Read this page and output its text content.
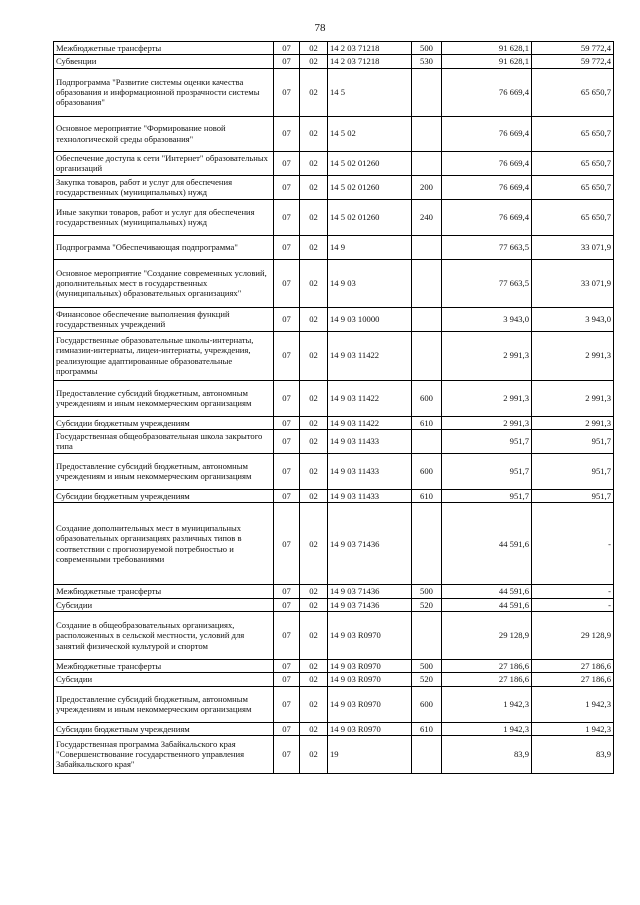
78
Межбюджетные трансферты	07	02	14 2 03 71218	500	91 628,1	59 772,4
Субвенции	07	02	14 2 03 71218	530	91 628,1	59 772,4
Подпрограмма "Развитие системы оценки качества образования и информационной прозрачности системы образования"	07	02	14 5		76 669,4	65 650,7
Основное мероприятие "Формирование новой технологической среды образования"	07	02	14 5 02		76 669,4	65 650,7
Обеспечение доступа к сети "Интернет" образовательных организаций	07	02	14 5 02 01260		76 669,4	65 650,7
Закупка товаров, работ и услуг для обеспечения государственных (муниципальных) нужд	07	02	14 5 02 01260	200	76 669,4	65 650,7
Иные закупки товаров, работ и услуг для обеспечения государственных (муниципальных) нужд	07	02	14 5 02 01260	240	76 669,4	65 650,7
Подпрограмма "Обеспечивающая подпрограмма"	07	02	14 9		77 663,5	33 071,9
Основное мероприятие "Создание современных условий, дополнительных мест в государственных (муниципальных) образовательных организациях"	07	02	14 9 03		77 663,5	33 071,9
Финансовое обеспечение выполнения функций государственных учреждений	07	02	14 9 03 10000		3 943,0	3 943,0
Государственные образовательные школы-интернаты, гимназии-интернаты, лицеи-интернаты, учреждения, реализующие адаптированные образовательные программы	07	02	14 9 03 11422		2 991,3	2 991,3
Предоставление субсидий бюджетным, автономным учреждениям и иным некоммерческим организациям	07	02	14 9 03 11422	600	2 991,3	2 991,3
Субсидии бюджетным учреждениям	07	02	14 9 03 11422	610	2 991,3	2 991,3
Государственная общеобразовательная школа закрытого типа	07	02	14 9 03 11433		951,7	951,7
Предоставление субсидий бюджетным, автономным учреждениям и иным некоммерческим организациям	07	02	14 9 03 11433	600	951,7	951,7
Субсидии бюджетным учреждениям	07	02	14 9 03 11433	610	951,7	951,7
Создание дополнительных мест в муниципальных образовательных организациях различных типов в соответствии с прогнозируемой потребностью и современными требованиями	07	02	14 9 03 71436		44 591,6	-
Межбюджетные трансферты	07	02	14 9 03 71436	500	44 591,6	-
Субсидии	07	02	14 9 03 71436	520	44 591,6	-
Создание в общеобразовательных организациях, расположенных в сельской местности, условий для занятий физической культурой и спортом	07	02	14 9 03 R0970		29 128,9	29 128,9
Межбюджетные трансферты	07	02	14 9 03 R0970	500	27 186,6	27 186,6
Субсидии	07	02	14 9 03 R0970	520	27 186,6	27 186,6
Предоставление субсидий бюджетным, автономным учреждениям и иным некоммерческим организациям	07	02	14 9 03 R0970	600	1 942,3	1 942,3
Субсидии бюджетным учреждениям	07	02	14 9 03 R0970	610	1 942,3	1 942,3
Государственная программа Забайкальского края "Совершенствование государственного управления Забайкальского края"	07	02	19		83,9	83,9
